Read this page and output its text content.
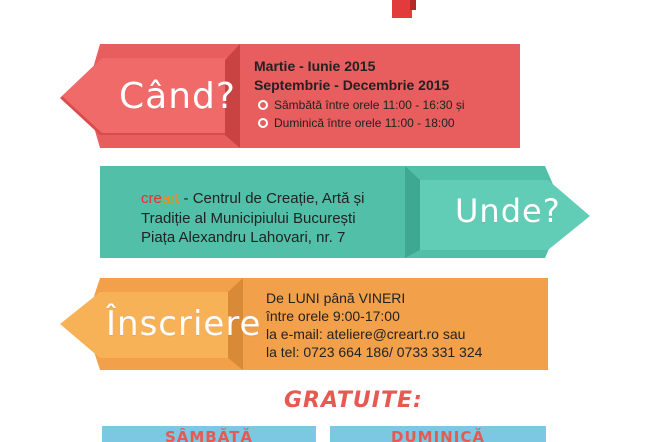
Când?
Martie - Iunie 2015
Septembrie - Decembrie 2015
Sâmbătă între orele 11:00 - 16:30 și
Duminică între orele 11:00 - 18:00
creart - Centrul de Creație, Artă și
Tradiție al Municipiului București
Piața Alexandru Lahovari, nr. 7
Unde?
Înscriere
De LUNI până VINERI
între orele 9:00-17:00
la e-mail: ateliere@creart.ro sau
la tel: 0723 664 186/ 0733 331 324
GRATUITE:
SÂMBĂTĂ	DUMINICĂ
